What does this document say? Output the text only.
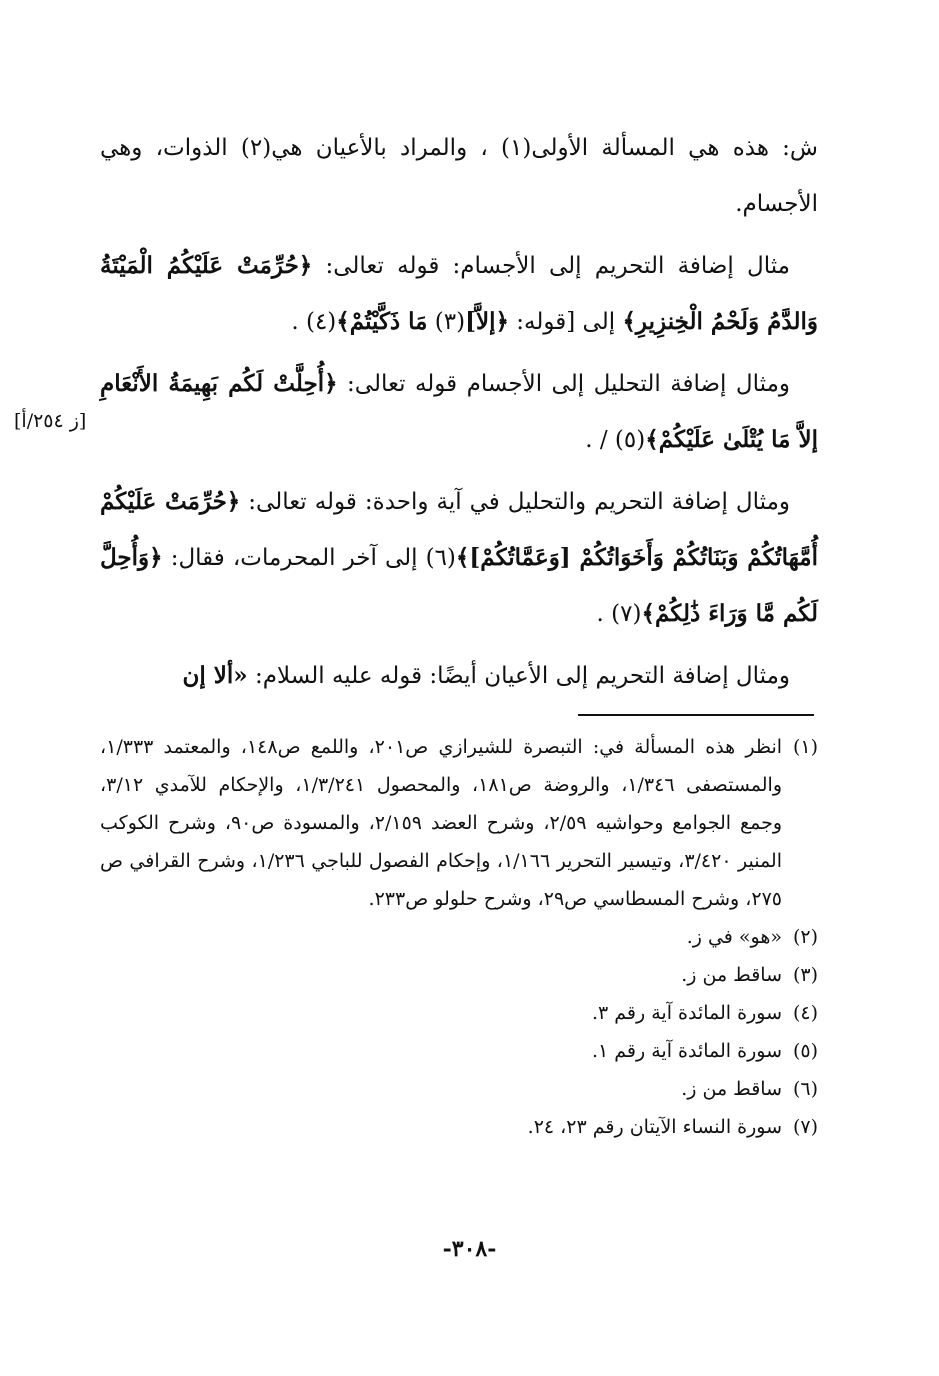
ش: هذه هي المسألة الأولى(١) ، والمراد بالأعيان هي(٢) الذوات، وهي الأجسام.

مثال إضافة التحريم إلى الأجسام: قوله تعالى: ﴿حُرِّمَتْ عَلَيْكُمُ الْمَيْتَةُ وَالدَّمُ وَلَحْمُ الْخِنزِيرِ﴾ إلى [قوله: ﴿إلاَّ](٣) مَا ذَكَّيْتُمْ﴾(٤) .

ومثال إضافة التحليل إلى الأجسام قوله تعالى: ﴿أُحِلَّتْ لَكُم بَهِيمَةُ الأَنْعَامِ إلاَّ مَا يُتْلَىٰ عَلَيْكُمْ﴾(٥) / .

ومثال إضافة التحريم والتحليل في آية واحدة: قوله تعالى: ﴿حُرِّمَتْ عَلَيْكُمْ أُمَّهَاتُكُمْ وَبَنَاتُكُمْ وَأَخَوَاتُكُمْ [وَعَمَّاتُكُمْ]﴾(٦) إلى آخر المحرمات، فقال: ﴿وَأُحِلَّ لَكُم مَّا وَرَاءَ ذَٰلِكُمْ﴾(٧) .

ومثال إضافة التحريم إلى الأعيان أيضًا: قوله عليه السلام: «ألا إن

[ز ٢٥٤/أ]
(١)
انظر هذه المسألة في: التبصرة للشيرازي ص٢٠١، واللمع ص١٤٨، والمعتمد ١/٣٣٣، والمستصفى ١/٣٤٦، والروضة ص١٨١، والمحصول ١/٣/٢٤١، والإحكام للآمدي ٣/١٢، وجمع الجوامع وحواشيه ٢/٥٩، وشرح العضد ٢/١٥٩، والمسودة ص٩٠، وشرح الكوكب المنير ٣/٤٢٠، وتيسير التحرير ١/١٦٦، وإحكام الفصول للباجي ١/٢٣٦، وشرح القرافي ص ٢٧٥، وشرح المسطاسي ص٢٩، وشرح حلولو ص٢٣٣.
(٢)
«هو» في ز.
(٣)
ساقط من ز.
(٤)
سورة المائدة آية رقم ٣.
(٥)
سورة المائدة آية رقم ١.
(٦)
ساقط من ز.
(٧)
سورة النساء الآيتان رقم ٢٣، ٢٤.
-٣٠٨-
